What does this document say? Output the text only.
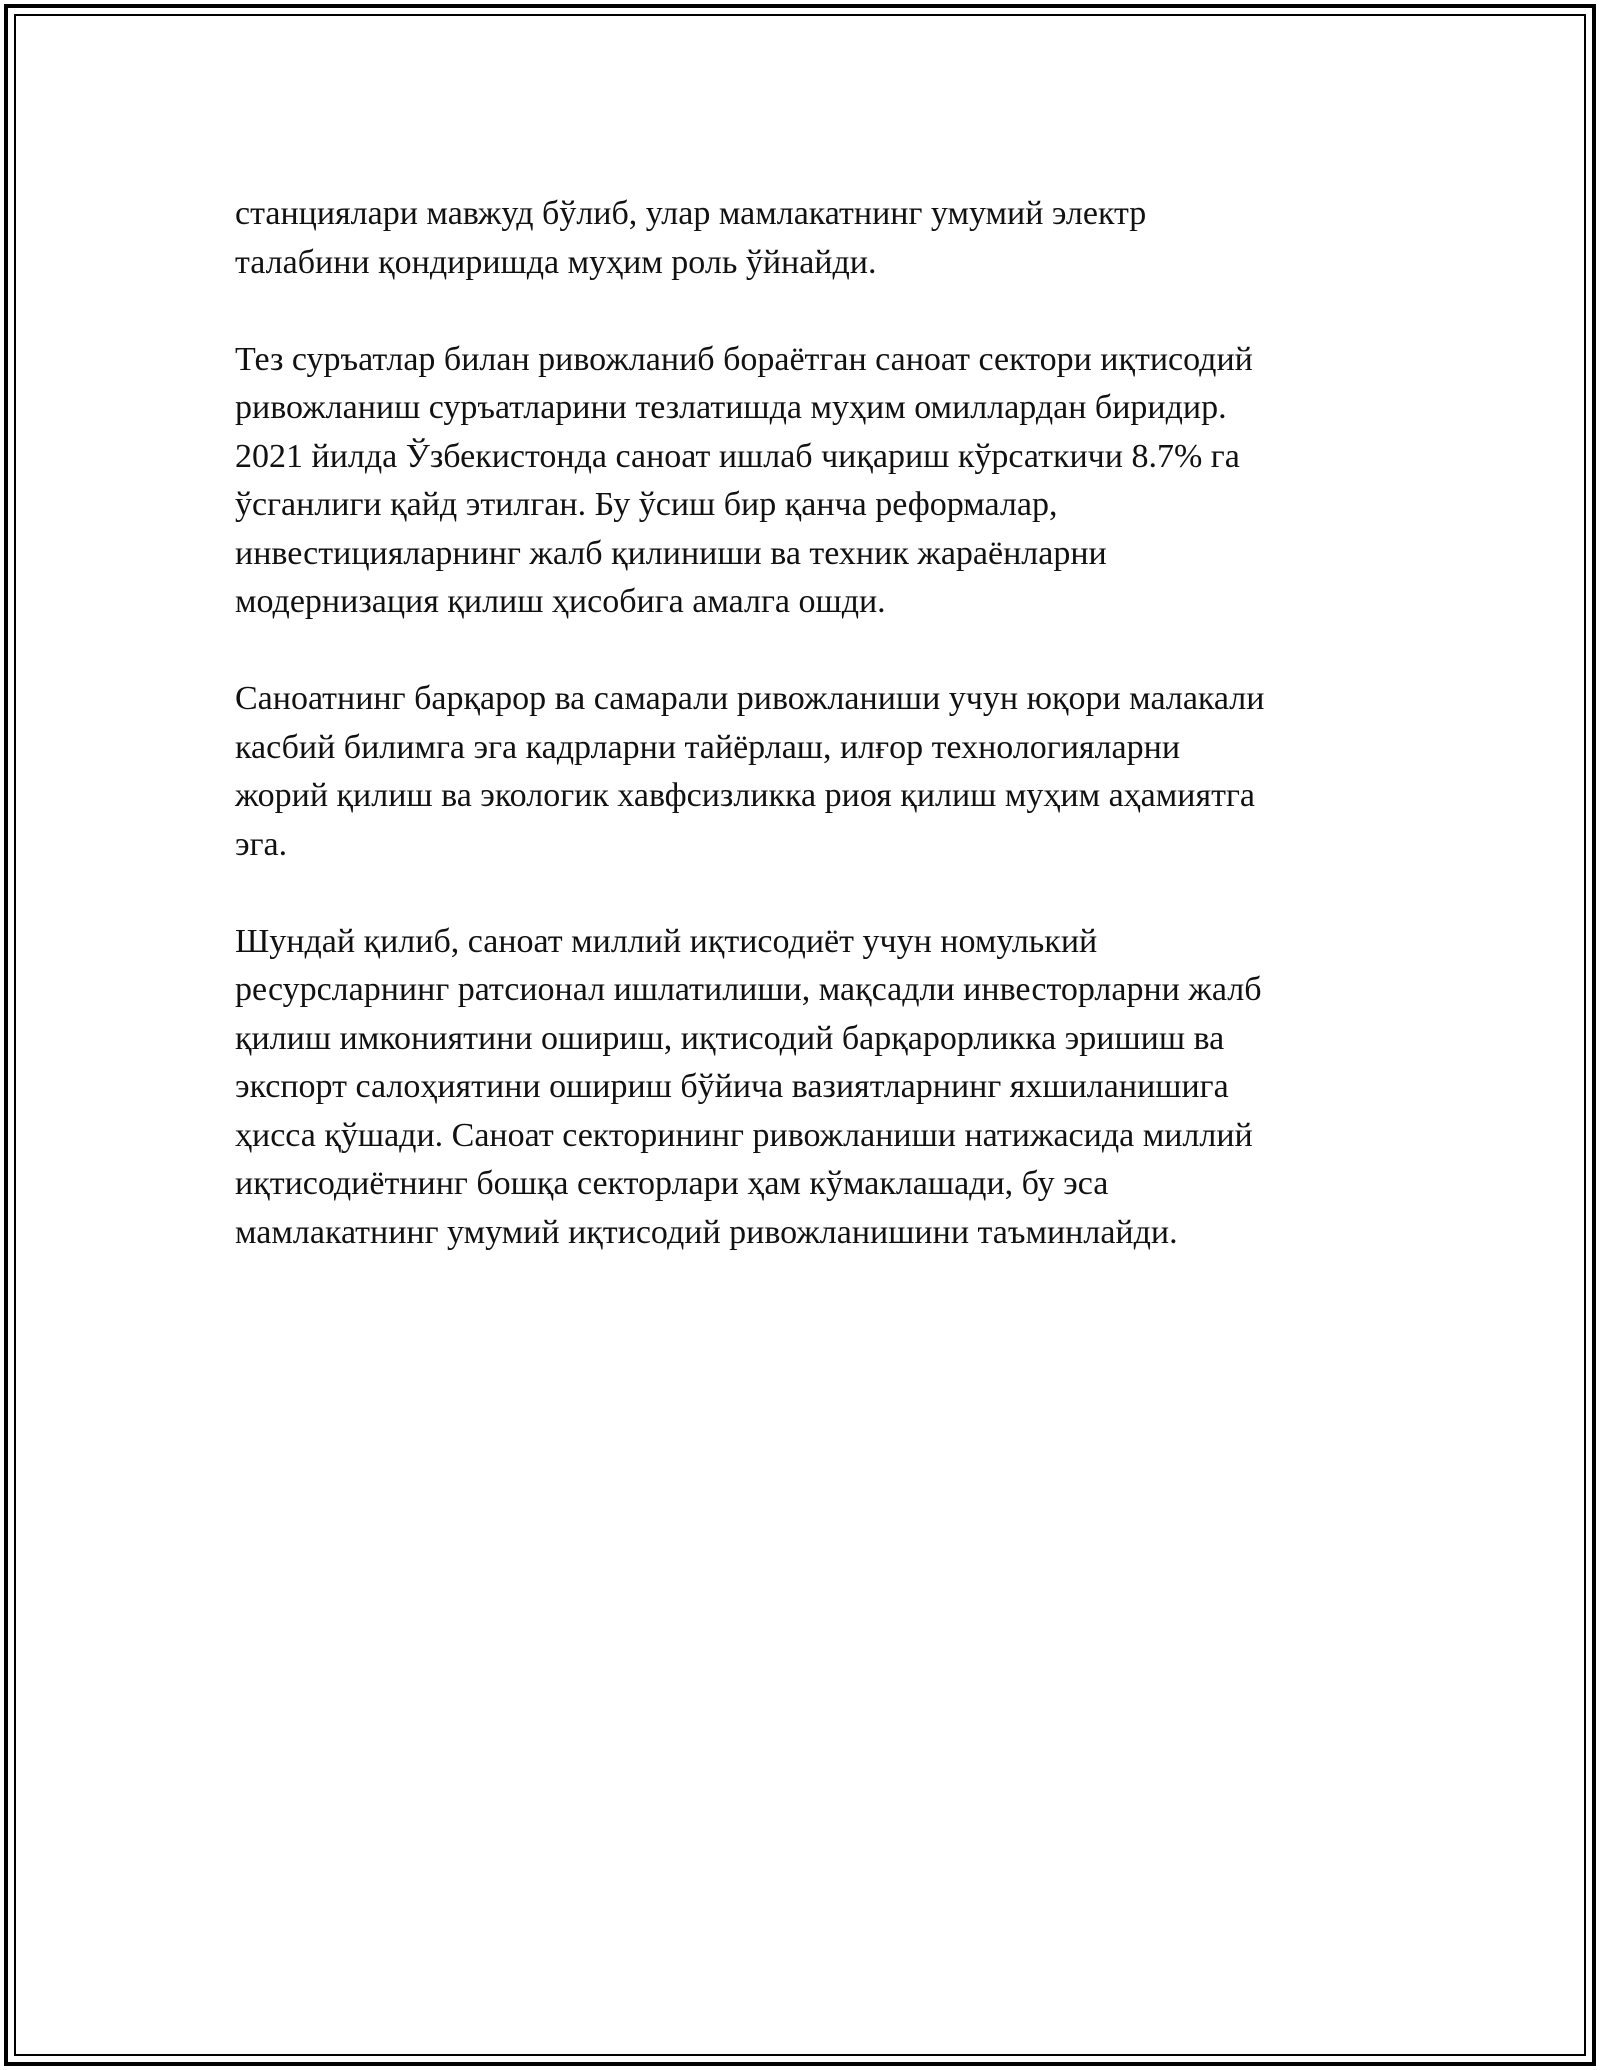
станциялари мавжуд бўлиб, улар мамлакатнинг умумий электр
талабини қондиришда муҳим роль ўйнайди.

Тез суръатлар билан ривожланиб бораётган саноат сектори иқтисодий
ривожланиш суръатларини тезлатишда муҳим омиллардан биридир.
2021 йилда Ўзбекистонда саноат ишлаб чиқариш кўрсаткичи 8.7% га
ўсганлиги қайд этилган. Бу ўсиш бир қанча реформалар,
инвестицияларнинг жалб қилиниши ва техник жараёнларни
модернизация қилиш ҳисобига амалга ошди.

Саноатнинг барқарор ва самарали ривожланиши учун юқори малакали
касбий билимга эга кадрларни тайёрлаш, илғор технологияларни
жорий қилиш ва экологик хавфсизликка риоя қилиш муҳим аҳамиятга
эга.

Шундай қилиб, саноат миллий иқтисодиёт учун номулький
ресурсларнинг ратсионал ишлатилиши, мақсадли инвесторларни жалб
қилиш имкониятини ошириш, иқтисодий барқарорликка эришиш ва
экспорт салоҳиятини ошириш бўйича вазиятларнинг яхшиланишига
ҳисса қўшади. Саноат секторининг ривожланиши натижасида миллий
иқтисодиётнинг бошқа секторлари ҳам кўмаклашади, бу эса
мамлакатнинг умумий иқтисодий ривожланишини таъминлайди.
